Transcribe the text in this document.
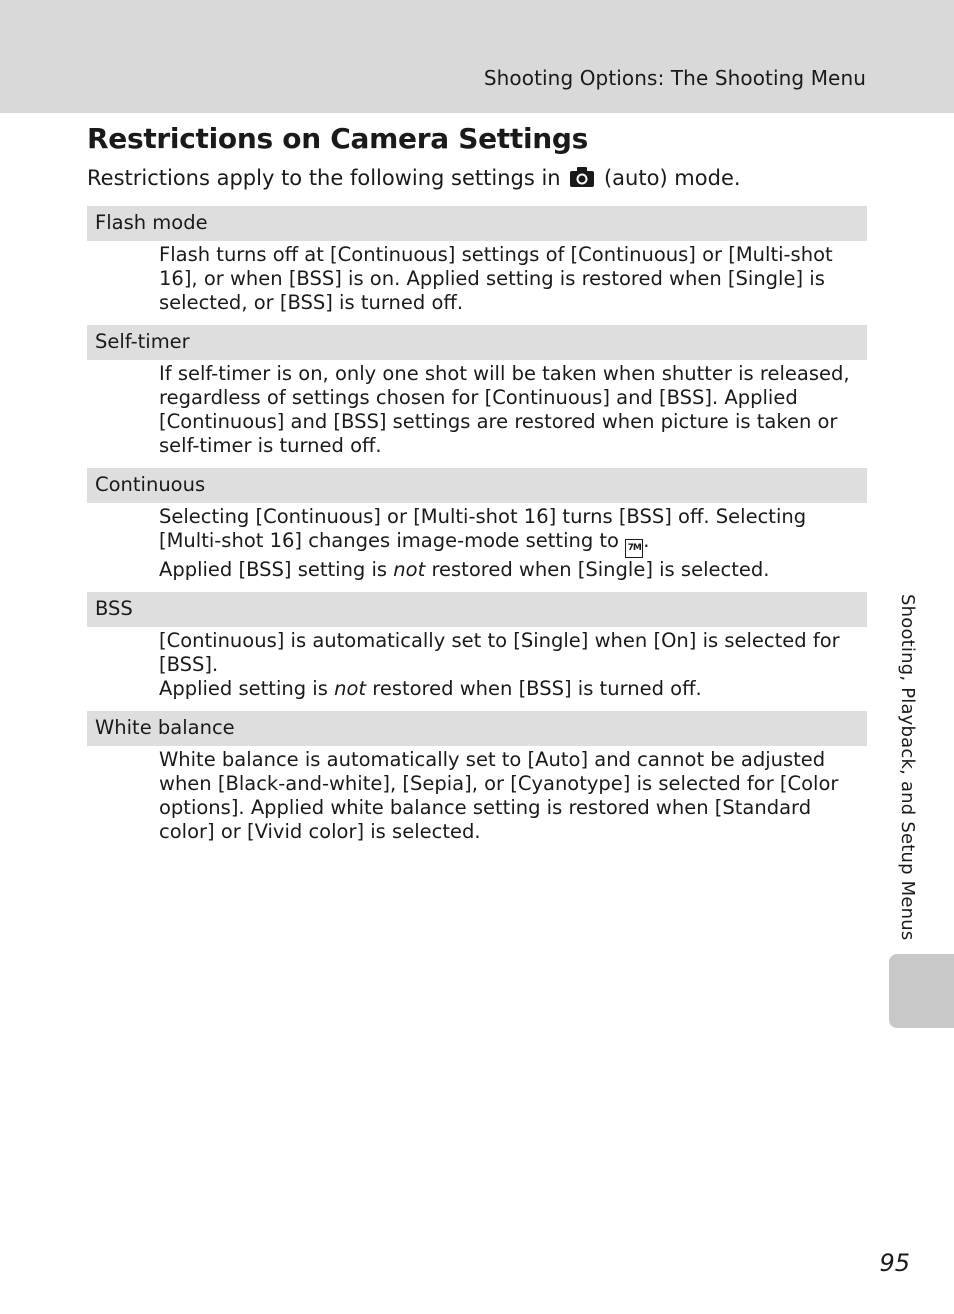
Shooting Options: The Shooting Menu
Restrictions on Camera Settings
Restrictions apply to the following settings in (auto) mode.
Flash mode

Flash turns off at [Continuous] settings of [Continuous] or [Multi-shot 16], or when [BSS] is on. Applied setting is restored when [Single] is selected, or [BSS] is turned off.

Self-timer

If self-timer is on, only one shot will be taken when shutter is released, regardless of settings chosen for [Continuous] and [BSS]. Applied [Continuous] and [BSS] settings are restored when picture is taken or self-timer is turned off.

Continuous

Selecting [Continuous] or [Multi-shot 16] turns [BSS] off. Selecting [Multi-shot 16] changes image-mode setting to 7M .

Applied [BSS] setting is not restored when [Single] is selected.

BSS

[Continuous] is automatically set to [Single] when [On] is selected for [BSS].

Applied setting is not restored when [BSS] is turned off.

White balance

White balance is automatically set to [Auto] and cannot be adjusted when [Black-and-white], [Sepia], or [Cyanotype] is selected for [Color options]. Applied white balance setting is restored when [Standard color] or [Vivid color] is selected.	Shooting, Playback, and Setup Menus
95
